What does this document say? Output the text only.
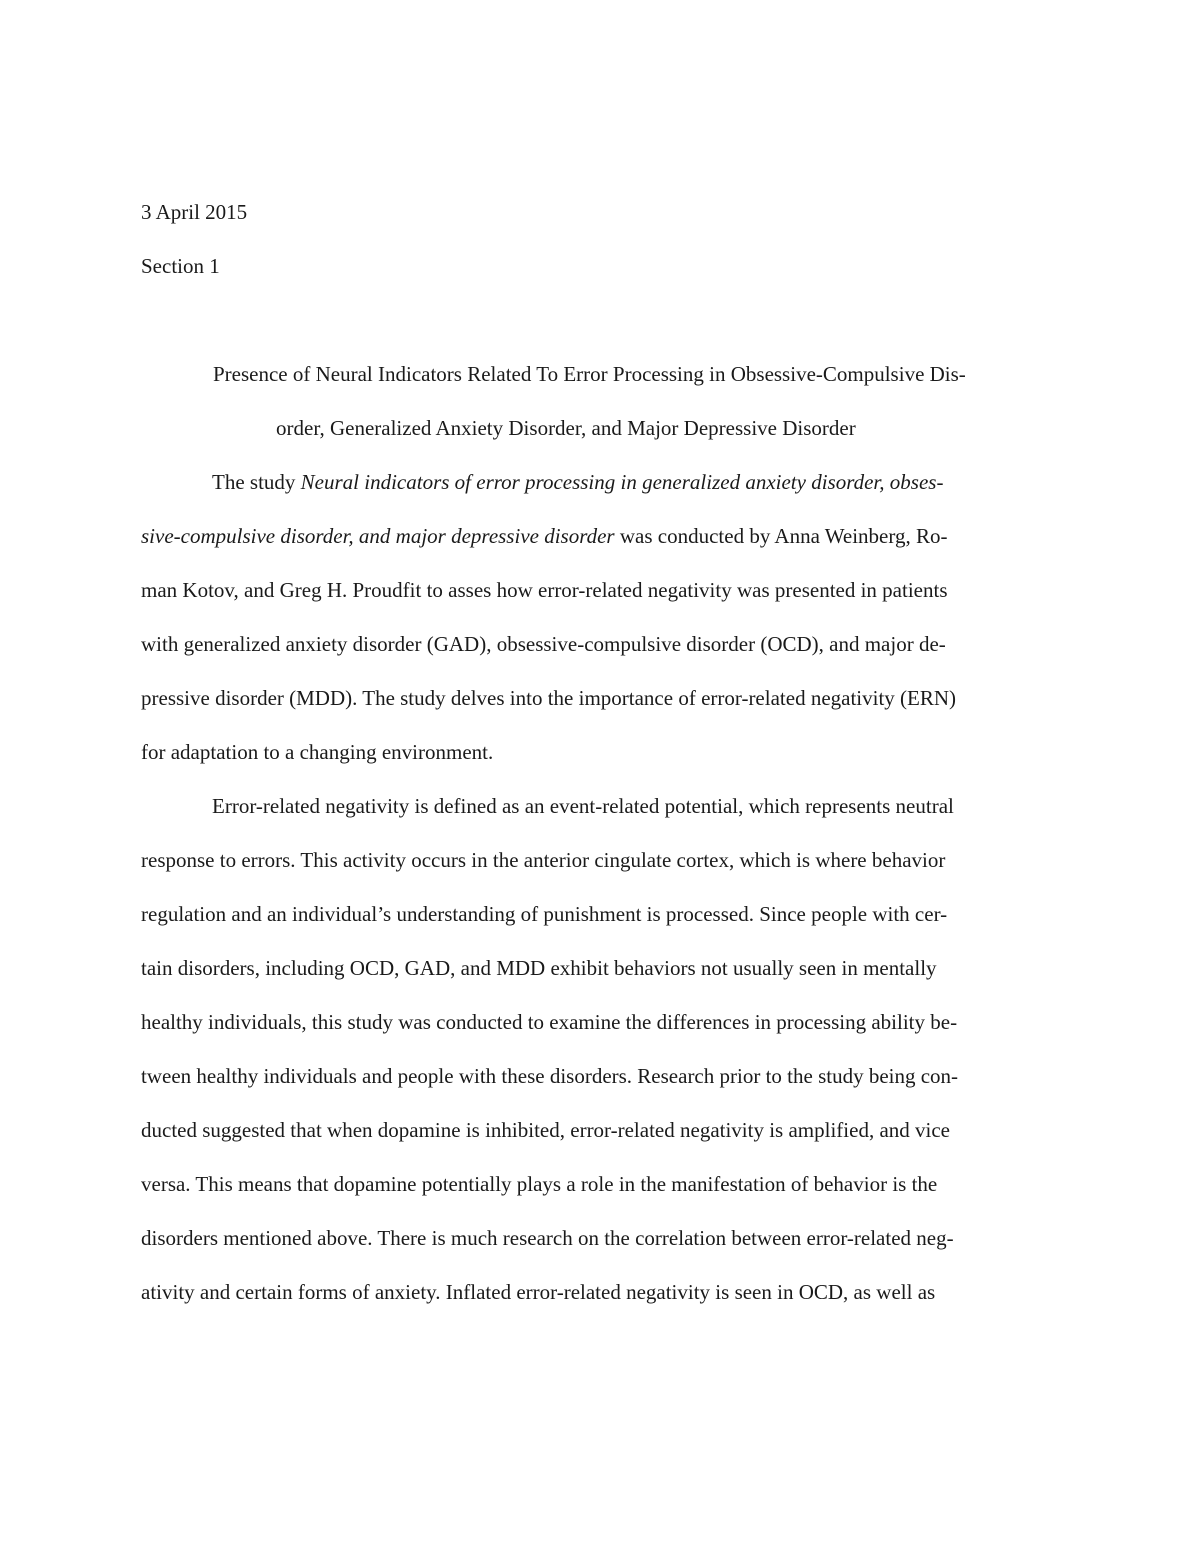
3 April 2015
Section 1
Presence of Neural Indicators Related To Error Processing in Obsessive-Compulsive Dis-
order, Generalized Anxiety Disorder, and Major Depressive Disorder
The study Neural indicators of error processing in generalized anxiety disorder, obses-
sive-compulsive disorder, and major depressive disorder was conducted by Anna Weinberg, Ro-
man Kotov, and Greg H. Proudfit to asses how error-related negativity was presented in patients
with generalized anxiety disorder (GAD), obsessive-compulsive disorder (OCD), and major de-
pressive disorder (MDD). The study delves into the importance of error-related negativity (ERN)
for adaptation to a changing environment.
Error-related negativity is defined as an event-related potential, which represents neutral
response to errors. This activity occurs in the anterior cingulate cortex, which is where behavior
regulation and an individual’s understanding of punishment is processed. Since people with cer-
tain disorders, including OCD, GAD, and MDD exhibit behaviors not usually seen in mentally
healthy individuals, this study was conducted to examine the differences in processing ability be-
tween healthy individuals and people with these disorders. Research prior to the study being con-
ducted suggested that when dopamine is inhibited, error-related negativity is amplified, and vice
versa. This means that dopamine potentially plays a role in the manifestation of behavior is the
disorders mentioned above. There is much research on the correlation between error-related neg-
ativity and certain forms of anxiety. Inflated error-related negativity is seen in OCD, as well as
